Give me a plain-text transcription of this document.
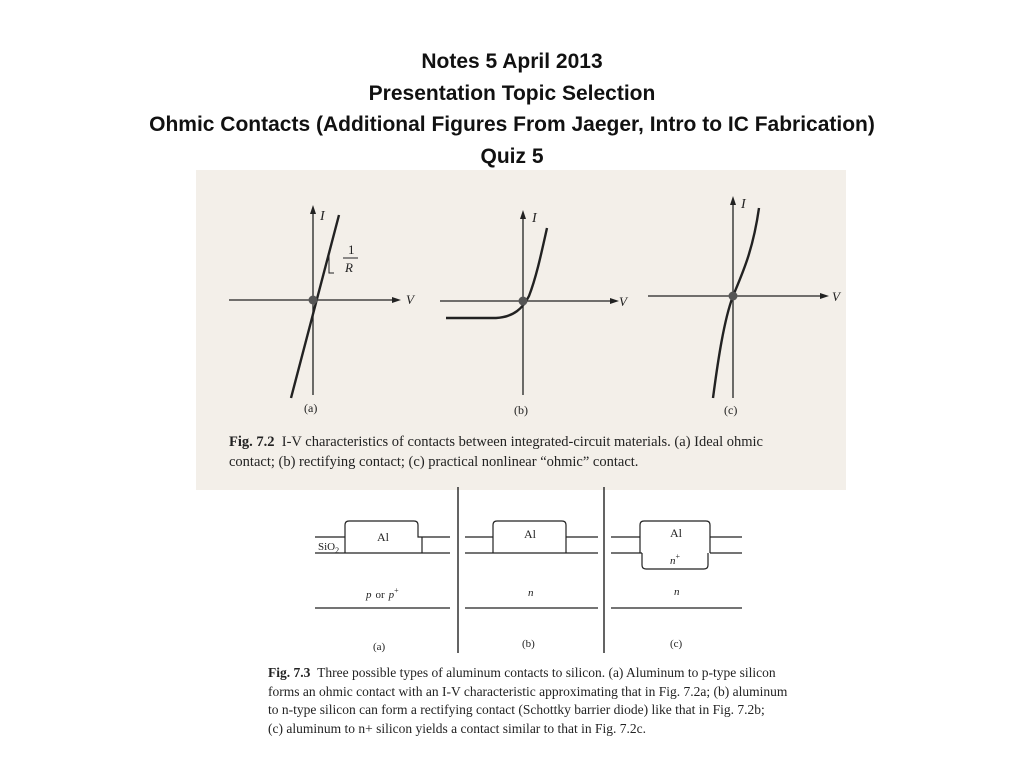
Notes 5 April 2013
Presentation Topic Selection
Ohmic Contacts (Additional Figures From Jaeger, Intro to IC Fabrication)
Quiz 5
I
V
1
R
(a)
I
V
(b)
I
V
(c)
Fig. 7.2 I-V characteristics of contacts between integrated-circuit materials. (a) Ideal ohmic
contact; (b) rectifying contact; (c) practical nonlinear “ohmic” contact.
Al
SiO$_2$
p or p+
(a)
Al
n
(b)
Al
n+
n
(c)
Fig. 7.3 Three possible types of aluminum contacts to silicon. (a) Aluminum to p-type silicon
forms an ohmic contact with an I-V characteristic approximating that in Fig. 7.2a; (b) aluminum
to n-type silicon can form a rectifying contact (Schottky barrier diode) like that in Fig. 7.2b;
(c) aluminum to n+ silicon yields a contact similar to that in Fig. 7.2c.
